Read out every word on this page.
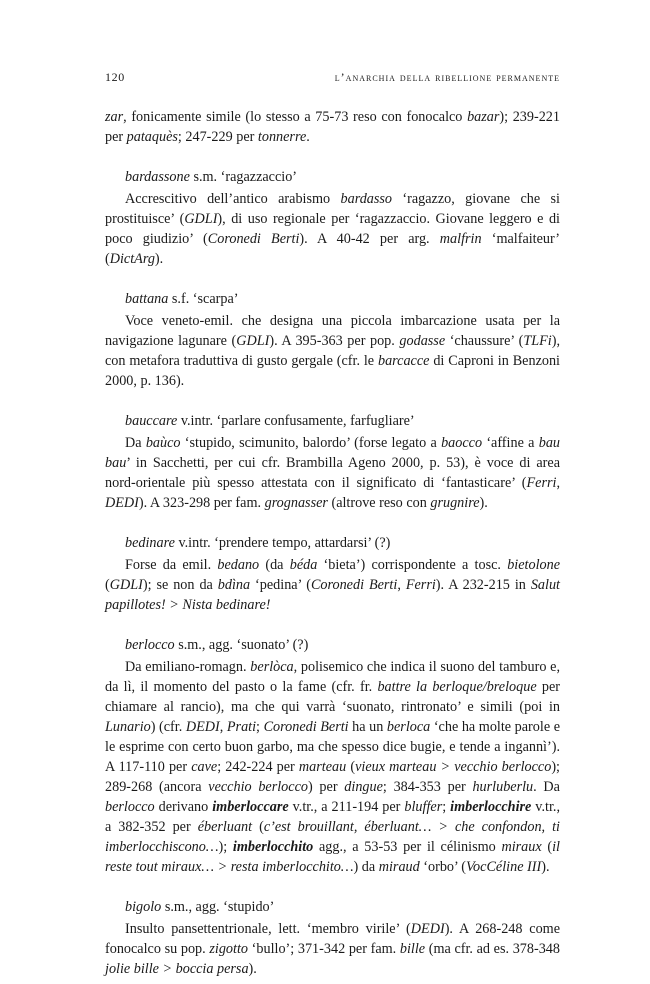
120	l’anarchia della ribellione permanente

zar, fonicamente simile (lo stesso a 75-73 reso con fonocalco bazar); 239-221 per pataquès; 247-229 per tonnerre.

bardassone s.m. ‘ragazzaccio’

Accrescitivo dell’antico arabismo bardasso ‘ragazzo, giovane che si prostituisce’ (GDLI), di uso regionale per ‘ragazzaccio. Giovane leggero e di poco giudizio’ (Coronedi Berti). A 40-42 per arg. malfrin ‘malfaiteur’ (DictArg).

battana s.f. ‘scarpa’

Voce veneto-emil. che designa una piccola imbarcazione usata per la navigazione lagunare (GDLI). A 395-363 per pop. godasse ‘chaussure’ (TLFi), con metafora traduttiva di gusto gergale (cfr. le barcacce di Caproni in Benzoni 2000, p. 136).

bauccare v.intr. ‘parlare confusamente, farfugliare’

Da baùco ‘stupido, scimunito, balordo’ (forse legato a baocco ‘affine a bau bau’ in Sacchetti, per cui cfr. Brambilla Ageno 2000, p. 53), è voce di area nord-orientale più spesso attestata con il significato di ‘fantasticare’ (Ferri, DEDI). A 323-298 per fam. grognasser (altrove reso con grugnire).

bedinare v.intr. ‘prendere tempo, attardarsi’ (?)

Forse da emil. bedano (da béda ‘bieta’) corrispondente a tosc. bietolone (GDLI); se non da bdìna ‘pedina’ (Coronedi Berti, Ferri). A 232-215 in Salut papillotes! > Nista bedinare!

berlocco s.m., agg. ‘suonato’ (?)

Da emiliano-romagn. berlòca, polisemico che indica il suono del tamburo e, da lì, il momento del pasto o la fame (cfr. fr. battre la berloque/breloque per chiamare al rancio), ma che qui varrà ‘suonato, rintronato’ e simili (poi in Lunario) (cfr. DEDI, Prati; Coronedi Berti ha un berloca ‘che ha molte parole e le esprime con certo buon garbo, ma che spesso dice bugie, e tende a ingannì’). A 117-110 per cave; 242-224 per marteau (vieux marteau > vecchio berlocco); 289-268 (ancora vecchio berlocco) per dingue; 384-353 per hurluberlu. Da berlocco derivano imberloccare v.tr., a 211-194 per bluffer; imberlocchire v.tr., a 382-352 per éberluant (c’est brouillant, éberluant… > che confondon, ti imberlocchiscono…); imberlocchito agg., a 53-53 per il célinismo miraux (il reste tout miraux… > resta imberlocchito…) da miraud ‘orbo’ (VocCéline III).

bigolo s.m., agg. ‘stupido’

Insulto pansettentrionale, lett. ‘membro virile’ (DEDI). A 268-248 come fonocalco su pop. zigotto ‘bullo’; 371-342 per fam. bille (ma cfr. ad es. 378-348 jolie bille > boccia persa).
